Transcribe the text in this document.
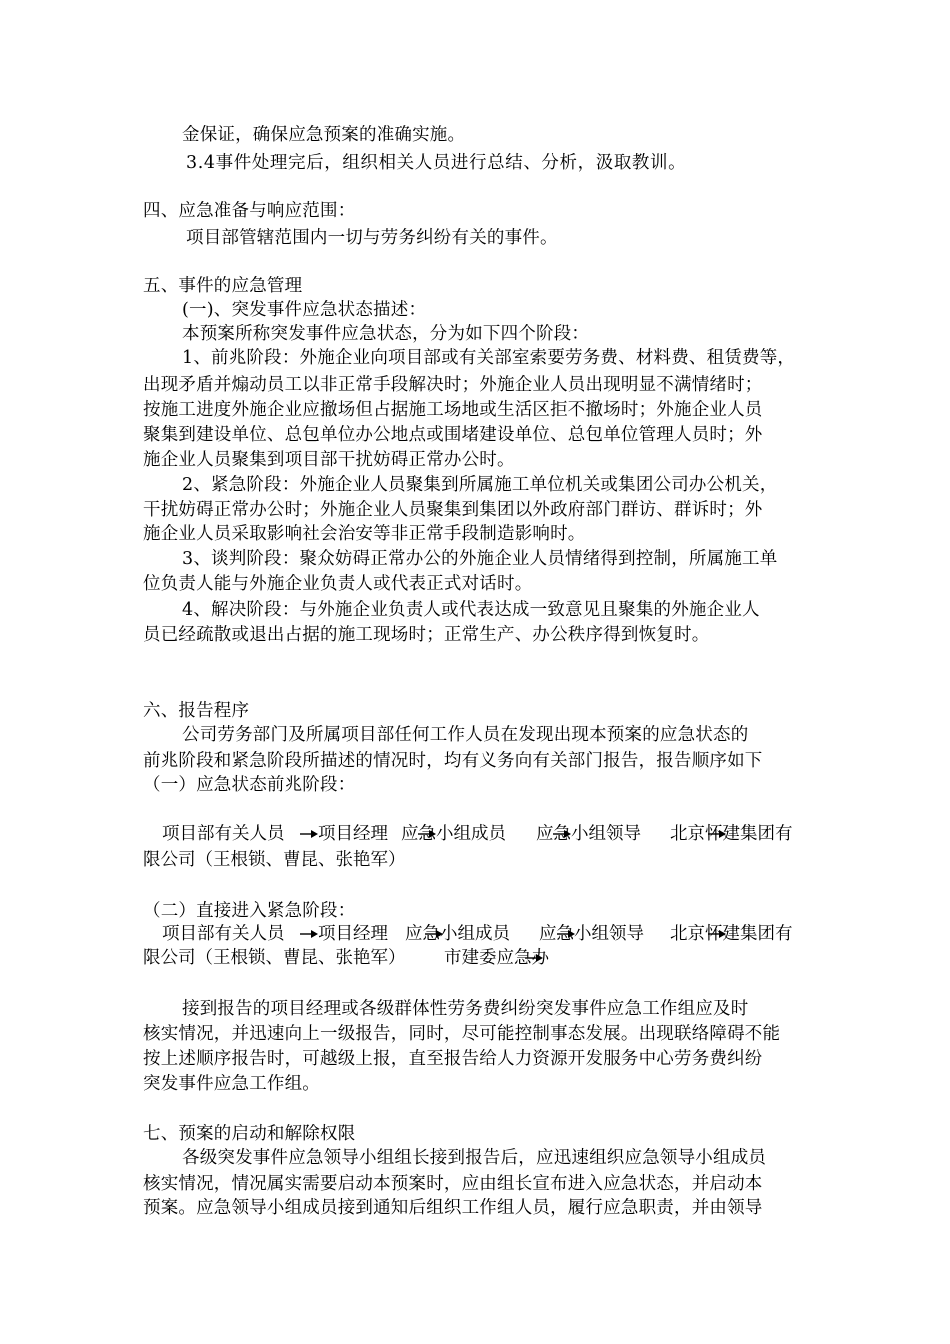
金保证，确保应急预案的准确实施。
3.4事件处理完后，组织相关人员进行总结、分析，汲取教训。
四、应急准备与响应范围：
项目部管辖范围内一切与劳务纠纷有关的事件。
五、事件的应急管理
(一)、突发事件应急状态描述：
本预案所称突发事件应急状态，分为如下四个阶段：
1、前兆阶段：外施企业向项目部或有关部室索要劳务费、材料费、租赁费等，
出现矛盾并煽动员工以非正常手段解决时；外施企业人员出现明显不满情绪时；
按施工进度外施企业应撤场但占据施工场地或生活区拒不撤场时；外施企业人员
聚集到建设单位、总包单位办公地点或围堵建设单位、总包单位管理人员时；外
施企业人员聚集到项目部干扰妨碍正常办公时。
2、紧急阶段：外施企业人员聚集到所属施工单位机关或集团公司办公机关，
干扰妨碍正常办公时；外施企业人员聚集到集团以外政府部门群访、群诉时；外
施企业人员采取影响社会治安等非正常手段制造影响时。
3、谈判阶段：聚众妨碍正常办公的外施企业人员情绪得到控制，所属施工单
位负责人能与外施企业负责人或代表正式对话时。
4、解决阶段：与外施企业负责人或代表达成一致意见且聚集的外施企业人
员已经疏散或退出占据的施工现场时；正常生产、办公秩序得到恢复时。
六、报告程序
公司劳务部门及所属项目部任何工作人员在发现出现本预案的应急状态的
前兆阶段和紧急阶段所描述的情况时，均有义务向有关部门报告，报告顺序如下
（一）应急状态前兆阶段：
项目部有关人员 项目经理 应急小组成员 应急小组领导 北京怀建集团有
限公司（王根锁、曹昆、张艳军）
（二）直接进入紧急阶段：
项目部有关人员 项目经理 应急小组成员 应急小组领导 北京怀建集团有
限公司（王根锁、曹昆、张艳军） 市建委应急办
接到报告的项目经理或各级群体性劳务费纠纷突发事件应急工作组应及时
核实情况，并迅速向上一级报告，同时，尽可能控制事态发展。出现联络障碍不能
按上述顺序报告时，可越级上报，直至报告给人力资源开发服务中心劳务费纠纷
突发事件应急工作组。
七、预案的启动和解除权限
各级突发事件应急领导小组组长接到报告后，应迅速组织应急领导小组成员
核实情况，情况属实需要启动本预案时，应由组长宣布进入应急状态，并启动本
预案。应急领导小组成员接到通知后组织工作组人员，履行应急职责，并由领导
